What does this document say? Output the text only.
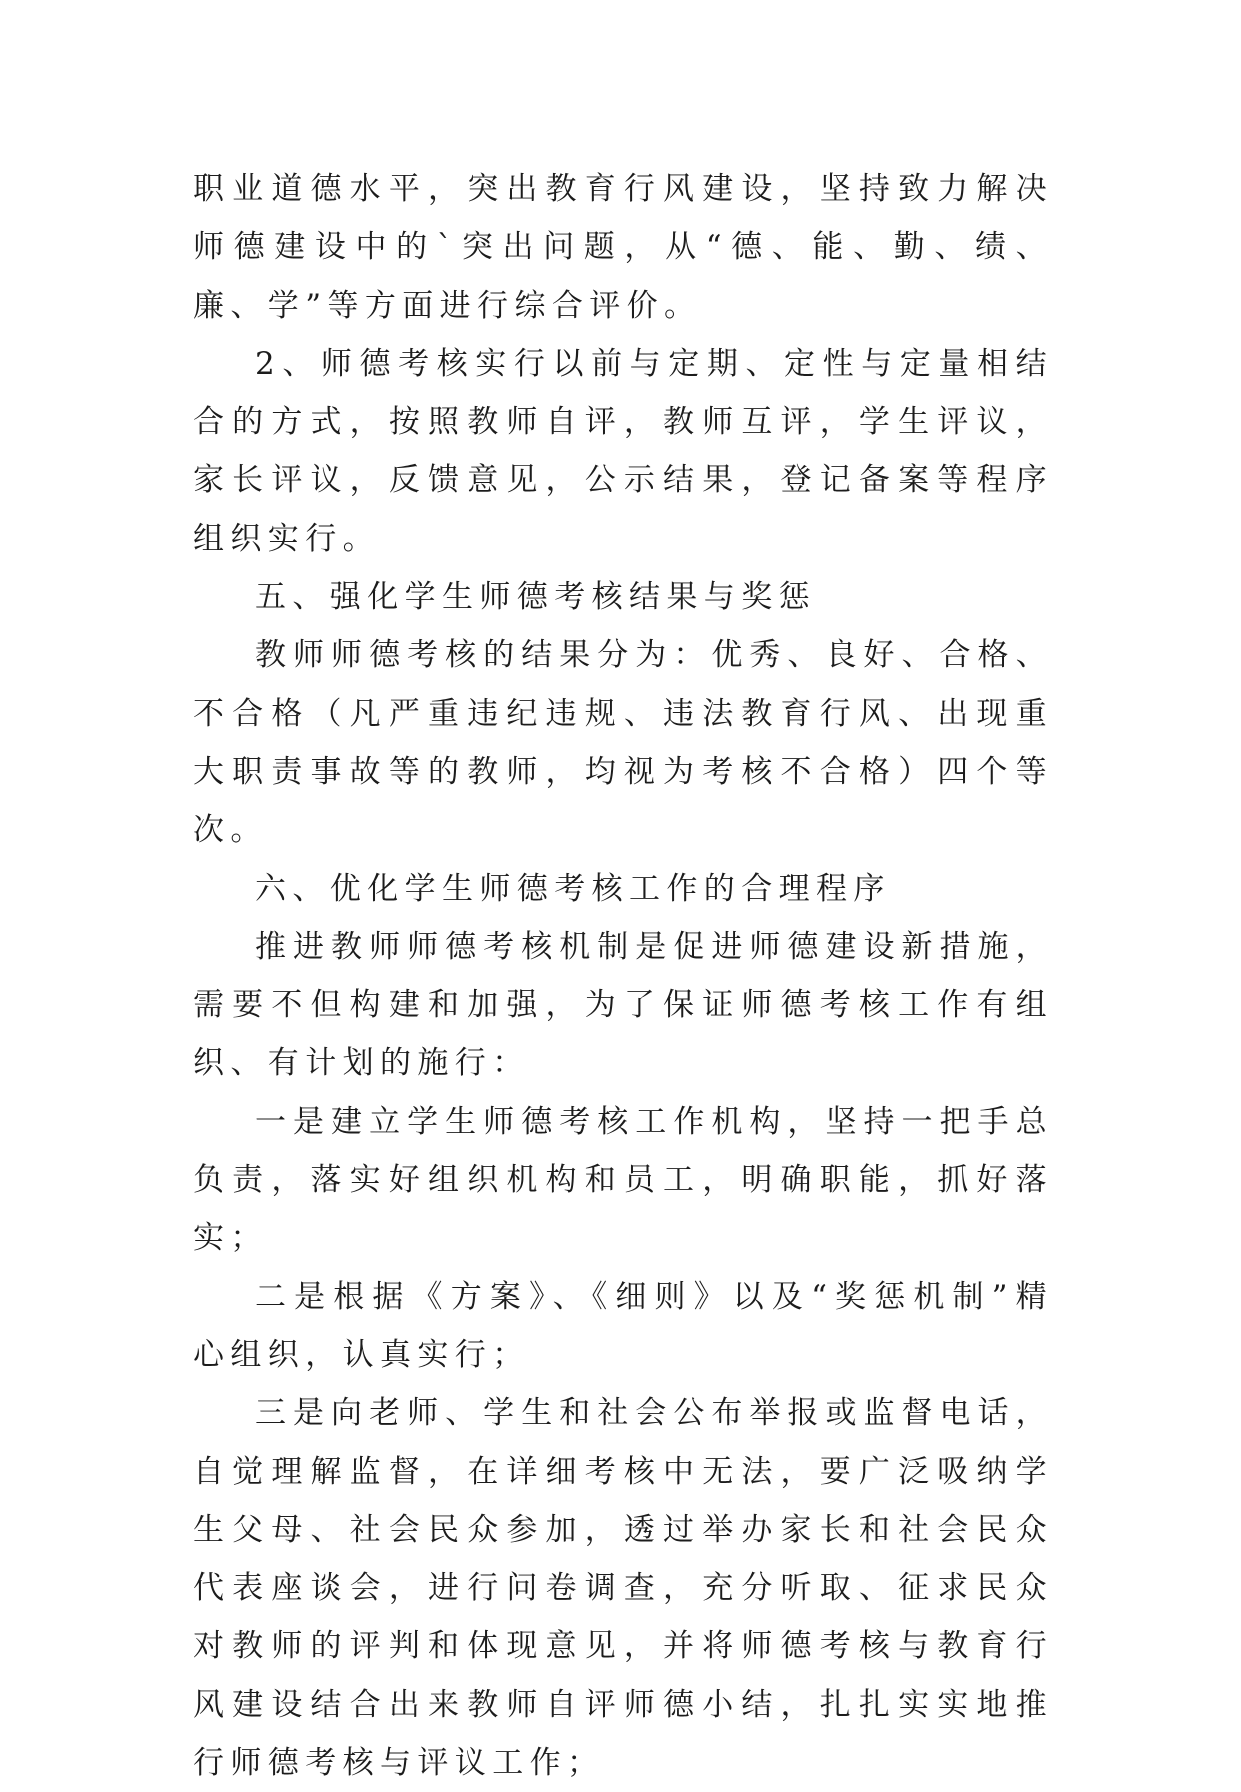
职业道德水平，突出教育行风建设，坚持致力解决师德建设中的`突出问题，从“德、能、勤、绩、廉、学”等方面进行综合评价。

2、师德考核实行以前与定期、定性与定量相结合的方式，按照教师自评，教师互评，学生评议，家长评议，反馈意见，公示结果，登记备案等程序组织实行。

五、强化学生师德考核结果与奖惩

教师师德考核的结果分为：优秀、良好、合格、不合格（凡严重违纪违规、违法教育行风、出现重大职责事故等的教师，均视为考核不合格）四个等次。

六、优化学生师德考核工作的合理程序

推进教师师德考核机制是促进师德建设新措施，需要不但构建和加强，为了保证师德考核工作有组织、有计划的施行：

一是建立学生师德考核工作机构，坚持一把手总负责，落实好组织机构和员工，明确职能，抓好落实；

二是根据《方案》、《细则》以及“奖惩机制”精心组织，认真实行；

三是向老师、学生和社会公布举报或监督电话，自觉理解监督，在详细考核中无法，要广泛吸纳学生父母、社会民众参加，透过举办家长和社会民众代表座谈会，进行问卷调查，充分听取、征求民众对教师的评判和体现意见，并将师德考核与教育行风建设结合出来教师自评师德小结，扎扎实实地推行师德考核与评议工作；
